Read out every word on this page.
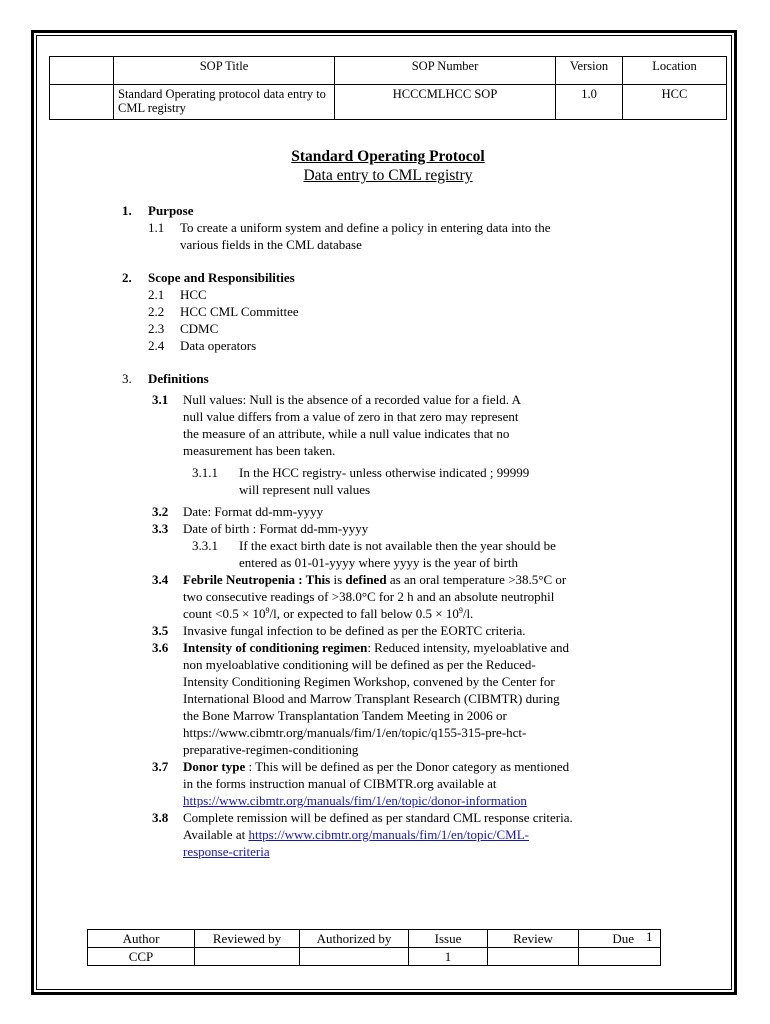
	SOP Title	SOP Number	Version	Location
	Standard Operating protocol data entry to CML registry	HCCCMLHCC SOP	1.0	HCC
Standard Operating Protocol
Data entry to CML registry
1. Purpose
1.1 To create a uniform system and define a policy in entering data into the
various fields in the CML database
2. Scope and Responsibilities
2.1 HCC
2.2 HCC CML Committee
2.3 CDMC
2.4 Data operators
3. Definitions
3.1 Null values: Null is the absence of a recorded value for a field. A
null value differs from a value of zero in that zero may represent
the measure of an attribute, while a null value indicates that no
measurement has been taken.
3.1.1 In the HCC registry- unless otherwise indicated ; 99999
will represent null values
3.2 Date: Format dd-mm-yyyy
3.3 Date of birth : Format dd-mm-yyyy
3.3.1 If the exact birth date is not available then the year should be
entered as 01-01-yyyy where yyyy is the year of birth
3.4 Febrile Neutropenia : This is defined as an oral temperature >38.5°C or
two consecutive readings of >38.0°C for 2 h and an absolute neutrophil
count $<0.5 \times 10^9/l$, or expected to fall below $0.5 \times 10^9/l$.
3.5 Invasive fungal infection to be defined as per the EORTC criteria.
3.6 Intensity of conditioning regimen: Reduced intensity, myeloablative and
non myeloablative conditioning will be defined as per the Reduced-
Intensity Conditioning Regimen Workshop, convened by the Center for
International Blood and Marrow Transplant Research (CIBMTR) during
the Bone Marrow Transplantation Tandem Meeting in 2006 or
https://www.cibmtr.org/manuals/fim/1/en/topic/q155-315-pre-hct-
preparative-regimen-conditioning
3.7 Donor type : This will be defined as per the Donor category as mentioned
in the forms instruction manual of CIBMTR.org available at
https://www.cibmtr.org/manuals/fim/1/en/topic/donor-information
3.8 Complete remission will be defined as per standard CML response criteria.
Available at https://www.cibmtr.org/manuals/fim/1/en/topic/CML-
response-criteria
Author	Reviewed by	Authorized by	Issue	Review	Due
CCP			1		
1
